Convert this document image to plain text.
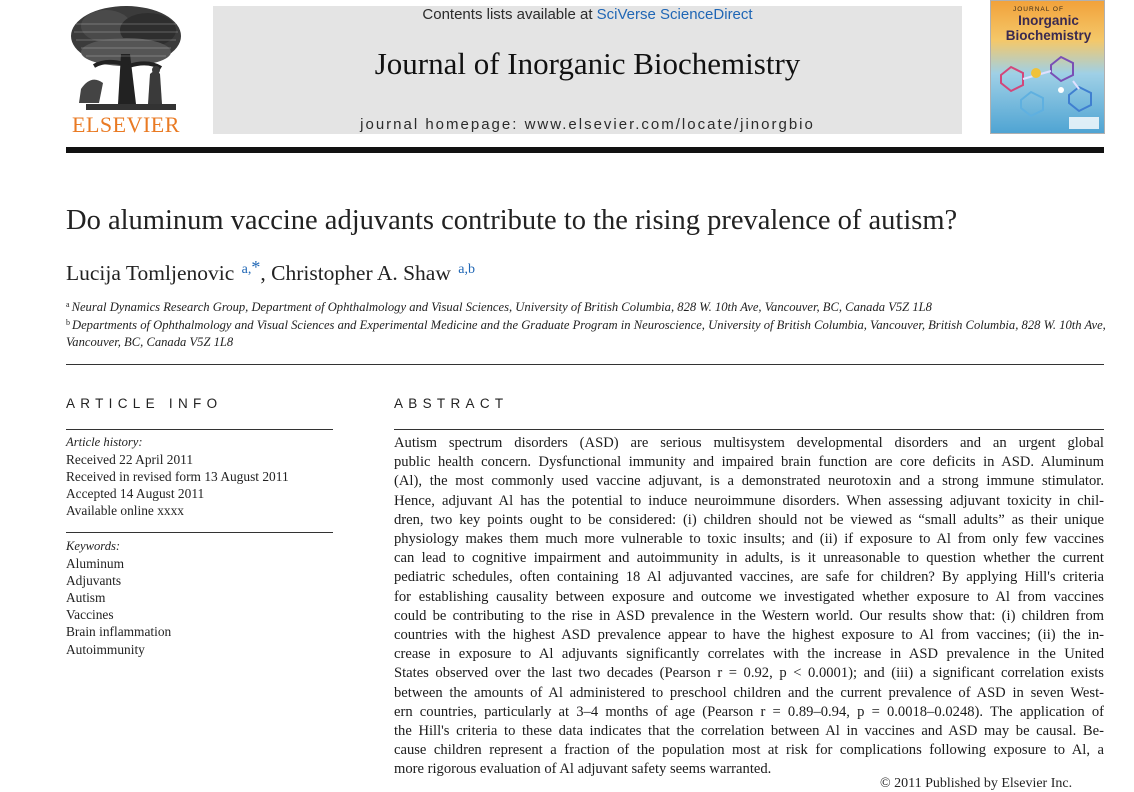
ELSEVIER
Contents lists available at SciVerse ScienceDirect
Journal of Inorganic Biochemistry
journal homepage: www.elsevier.com/locate/jinorgbio
JOURNAL OF
Inorganic Biochemistry
Do aluminum vaccine adjuvants contribute to the rising prevalence of autism?
Lucija Tomljenovic $^{a,*}$, Christopher A. Shaw $^{a,b}$
$^a$ Neural Dynamics Research Group, Department of Ophthalmology and Visual Sciences, University of British Columbia, 828 W. 10th Ave, Vancouver, BC, Canada V5Z 1L8
$^b$ Departments of Ophthalmology and Visual Sciences and Experimental Medicine and the Graduate Program in Neuroscience, University of British Columbia, Vancouver, British Columbia, 828 W. 10th Ave, Vancouver, BC, Canada V5Z 1L8
ARTICLE INFO
Article history:
Received 22 April 2011
Received in revised form 13 August 2011
Accepted 14 August 2011
Available online xxxx
Keywords:
Aluminum
Adjuvants
Autism
Vaccines
Brain inflammation
Autoimmunity
ABSTRACT
Autism spectrum disorders (ASD) are serious multisystem developmental disorders and an urgent global
public health concern. Dysfunctional immunity and impaired brain function are core deficits in ASD. Aluminum
(Al), the most commonly used vaccine adjuvant, is a demonstrated neurotoxin and a strong immune stimulator.
Hence, adjuvant Al has the potential to induce neuroimmune disorders. When assessing adjuvant toxicity in chil-
dren, two key points ought to be considered: (i) children should not be viewed as “small adults” as their unique
physiology makes them much more vulnerable to toxic insults; and (ii) if exposure to Al from only few vaccines
can lead to cognitive impairment and autoimmunity in adults, is it unreasonable to question whether the current
pediatric schedules, often containing 18 Al adjuvanted vaccines, are safe for children? By applying Hill's criteria
for establishing causality between exposure and outcome we investigated whether exposure to Al from vaccines
could be contributing to the rise in ASD prevalence in the Western world. Our results show that: (i) children from
countries with the highest ASD prevalence appear to have the highest exposure to Al from vaccines; (ii) the in-
crease in exposure to Al adjuvants significantly correlates with the increase in ASD prevalence in the United
States observed over the last two decades (Pearson r = 0.92, p < 0.0001); and (iii) a significant correlation exists
between the amounts of Al administered to preschool children and the current prevalence of ASD in seven West-
ern countries, particularly at 3–4 months of age (Pearson r = 0.89–0.94, p = 0.0018–0.0248). The application of
the Hill's criteria to these data indicates that the correlation between Al in vaccines and ASD may be causal. Be-
cause children represent a fraction of the population most at risk for complications following exposure to Al, a
more rigorous evaluation of Al adjuvant safety seems warranted.
© 2011 Published by Elsevier Inc.
